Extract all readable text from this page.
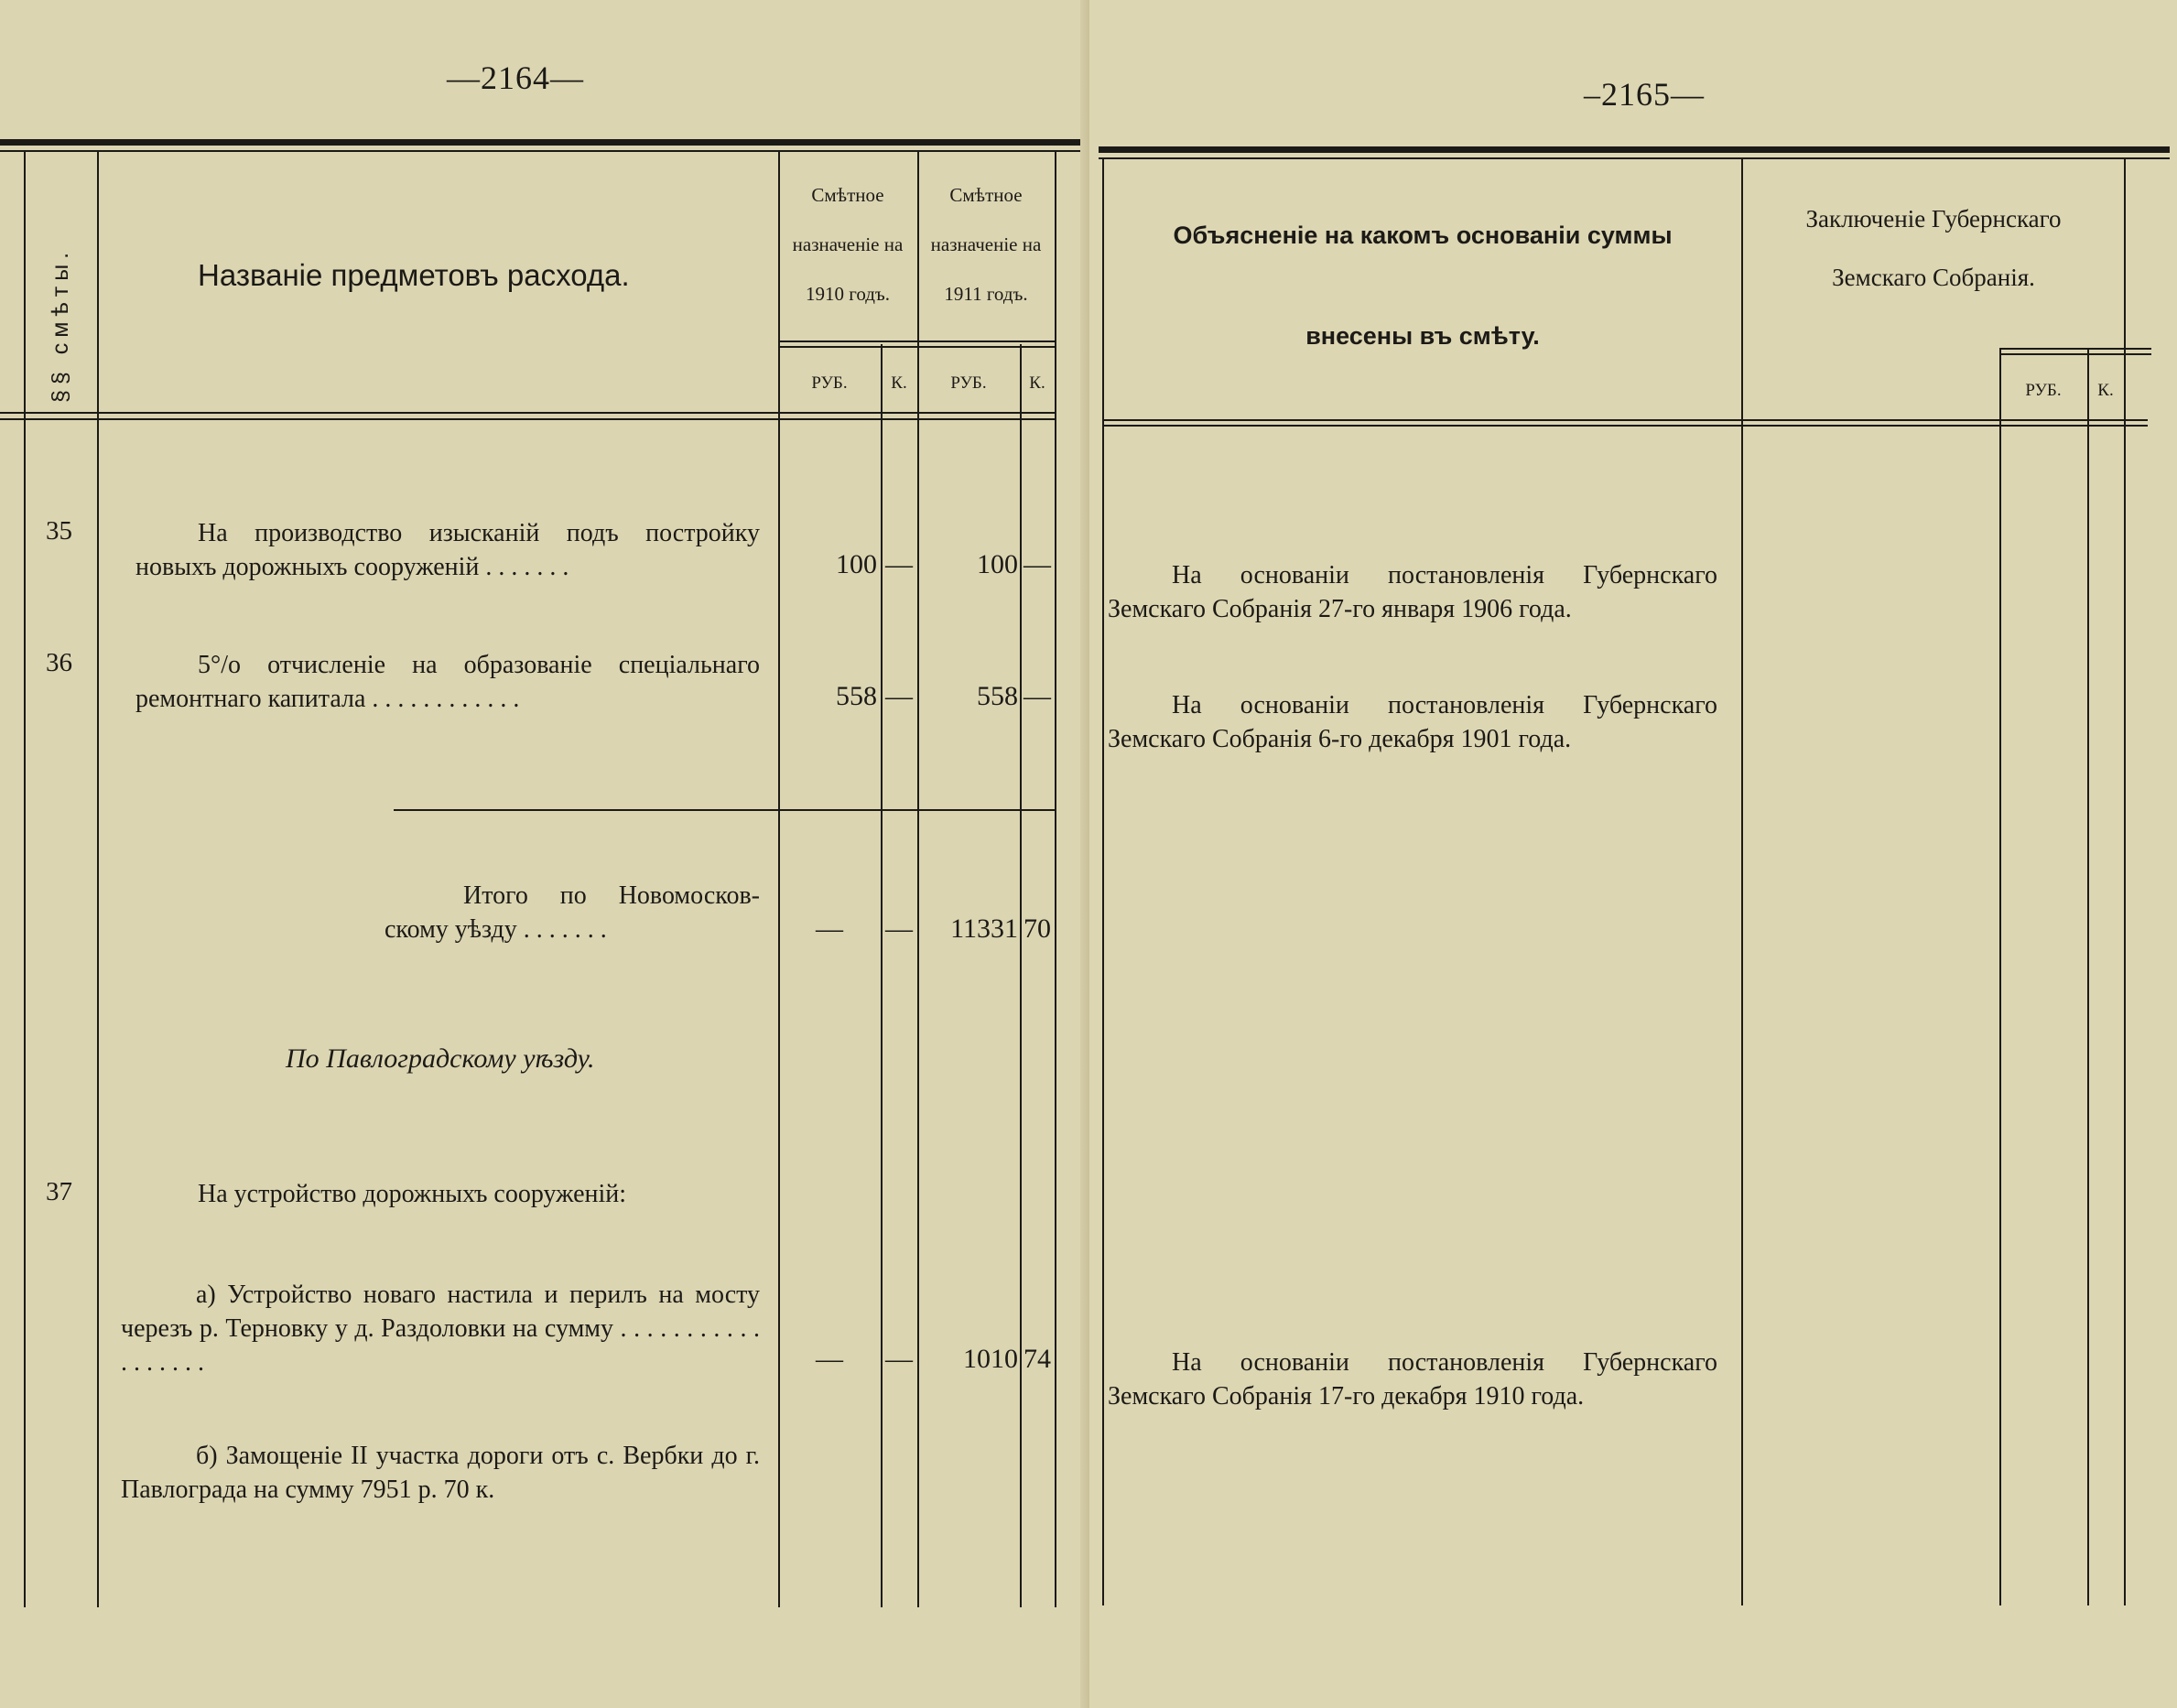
—2164—
§§ смѣты.	Названіе предметовъ расхода.
Смѣтное
назначеніе на
1910 годъ.
Смѣтное
назначеніе на
1911 годъ.
РУБ.	К.	РУБ.	К.
35	На производство изысканій подъ постройку новыхъ дорожныхъ сооруженій . . . . . . .	100 —	100 —
36	5°/о отчисленіе на образованіе спеціальнаго ремонтнаго капитала . . . . . . . . . . . .	558 —	558 —
Итого по Новомосков-скому уѣзду . . . . . . .	—	—	11331 70
По Павлоградскому уѣзду.
37	На устройство дорожныхъ сооруженій:
а) Устройство новаго настила и перилъ на мосту черезъ р. Терновку у д. Раздоловки на сумму . . . . . . . . . . . . . . . . . .	—	—	1010 74
б) Замощеніе II участка дороги отъ с. Вербки до г. Павлограда на сумму 7951 р. 70 к.
–2165—
Объясненіе на какомъ основаніи суммы
внесены въ смѣту.
Заключеніе Губернскаго
Земскаго Собранія.
РУБ.	К.
На основаніи постановленія Губернскаго Земскаго Собранія 27-го января 1906 года.
На основаніи постановленія Губернскаго Земскаго Собранія 6-го декабря 1901 года.
На основаніи постановленія Губернскаго Земскаго Собранія 17-го декабря 1910 года.
